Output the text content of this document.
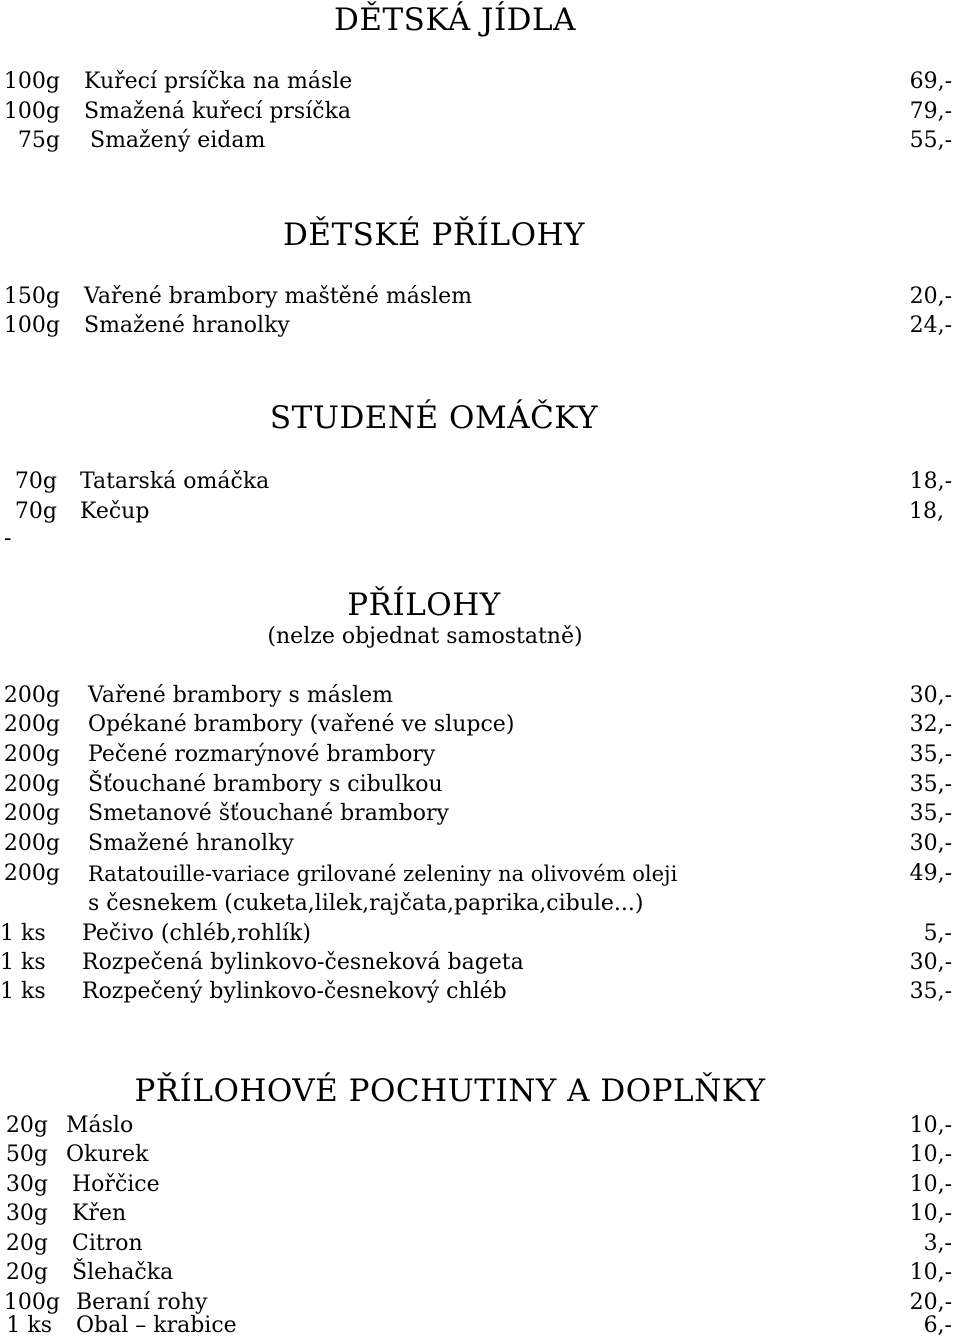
DĚTSKÁ JÍDLA
100g Kuřecí prsíčka na másle	69,-
100g Smažená kuřecí prsíčka	79,-
75g Smažený eidam	55,-
DĚTSKÉ PŘÍLOHY
150g Vařené brambory maštěné máslem	20,-
100g Smažené hranolky	24,-
STUDENÉ OMÁČKY
70g Tatarská omáčka	18,-
70g Kečup	18,
-
PŘÍLOHY
(nelze objednat samostatně)
200g Vařené brambory s máslem	30,-
200g Opékané brambory (vařené ve slupce)	32,-
200g Pečené rozmarýnové brambory	35,-
200g Šťouchané brambory s cibulkou	35,-
200g Smetanové šťouchané brambory	35,-
200g Smažené hranolky	30,-
200g Ratatouille-variace grilované zeleniny na olivovém oleji	49,-
s česnekem (cuketa,lilek,rajčata,paprika,cibule...)
1 ks Pečivo (chléb,rohlík)	5,-
1 ks Rozpečená bylinkovo-česneková bageta	30,-
1 ks Rozpečený bylinkovo-česnekový chléb	35,-
PŘÍLOHOVÉ POCHUTINY A DOPLŇKY
20g Máslo	10,-
50g Okurek	10,-
30g Hořčice	10,-
30g Křen	10,-
20g Citron	3,-
20g Šlehačka	10,-
100g Beraní rohy	20,-
1 ks Obal – krabice	6,-
